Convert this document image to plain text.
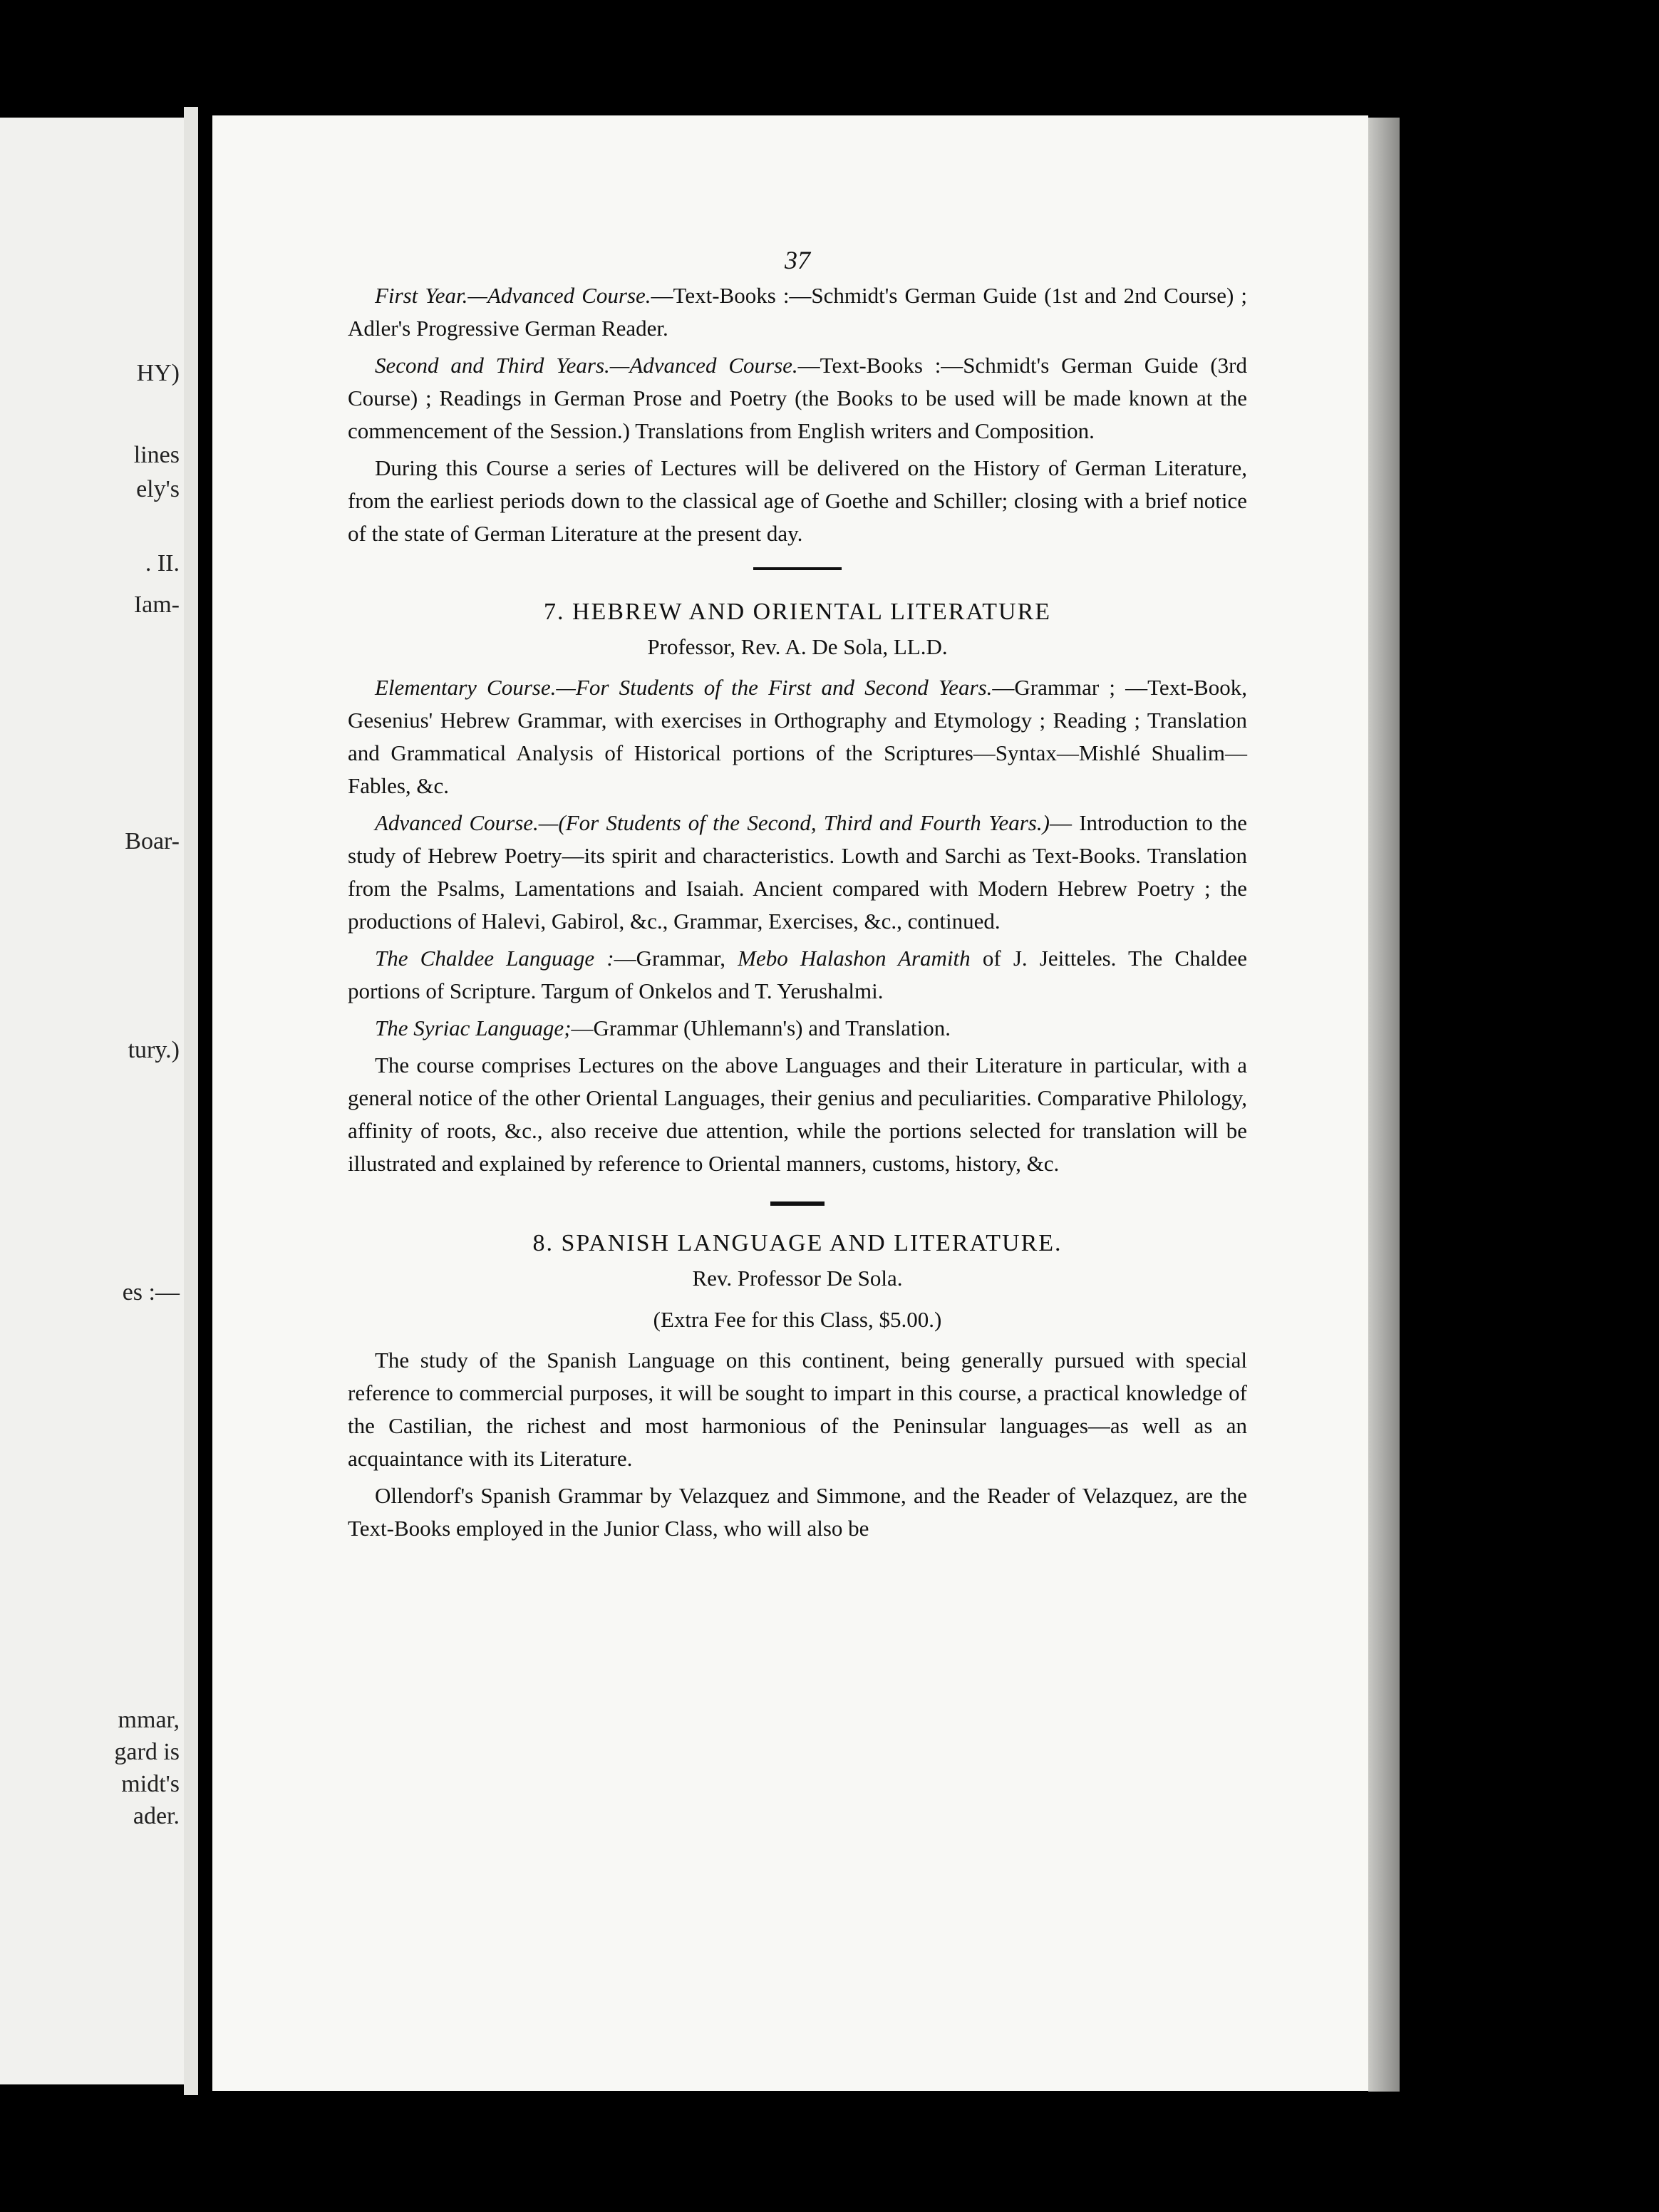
HY)
lines
ely's
. II.
Iam-
Boar-
tury.)
es :—
mmar,
gard is
midt's
ader.
37

First Year.—Advanced Course.—Text-Books :—Schmidt's German Guide (1st and 2nd Course) ; Adler's Progressive German Reader.

Second and Third Years.—Advanced Course.—Text-Books :—Schmidt's German Guide (3rd Course) ; Readings in German Prose and Poetry (the Books to be used will be made known at the commencement of the Session.) Translations from English writers and Composition.

During this Course a series of Lectures will be delivered on the History of German Literature, from the earliest periods down to the classical age of Goethe and Schiller; closing with a brief notice of the state of German Literature at the present day.

7. HEBREW AND ORIENTAL LITERATURE
Professor, Rev. A. De Sola, LL.D.

Elementary Course.—For Students of the First and Second Years.—Grammar ; —Text-Book, Gesenius' Hebrew Grammar, with exercises in Orthography and Etymology ; Reading ; Translation and Grammatical Analysis of Historical portions of the Scriptures—Syntax—Mishlé Shualim—Fables, &c.

Advanced Course.—(For Students of the Second, Third and Fourth Years.)— Introduction to the study of Hebrew Poetry—its spirit and characteristics. Lowth and Sarchi as Text-Books. Translation from the Psalms, Lamentations and Isaiah. Ancient compared with Modern Hebrew Poetry ; the productions of Halevi, Gabirol, &c., Grammar, Exercises, &c., continued.

The Chaldee Language :—Grammar, Mebo Halashon Aramith of J. Jeitteles. The Chaldee portions of Scripture. Targum of Onkelos and T. Yerushalmi.

The Syriac Language;—Grammar (Uhlemann's) and Translation.

The course comprises Lectures on the above Languages and their Literature in particular, with a general notice of the other Oriental Languages, their genius and peculiarities. Comparative Philology, affinity of roots, &c., also receive due attention, while the portions selected for translation will be illustrated and explained by reference to Oriental manners, customs, history, &c.

8. SPANISH LANGUAGE AND LITERATURE.
Rev. Professor De Sola.
(Extra Fee for this Class, $5.00.)

The study of the Spanish Language on this continent, being generally pursued with special reference to commercial purposes, it will be sought to impart in this course, a practical knowledge of the Castilian, the richest and most harmonious of the Peninsular languages—as well as an acquaintance with its Literature.

Ollendorf's Spanish Grammar by Velazquez and Simmone, and the Reader of Velazquez, are the Text-Books employed in the Junior Class, who will also be
